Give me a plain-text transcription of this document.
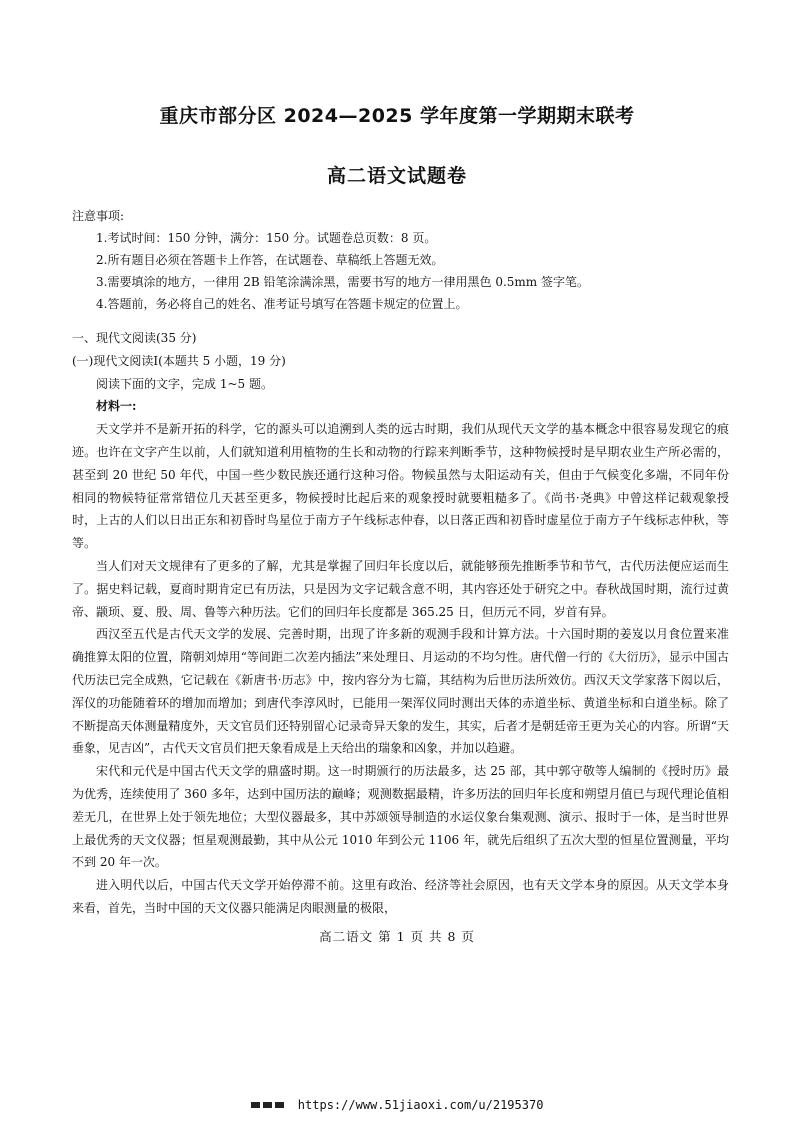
重庆市部分区 2024—2025 学年度第一学期期末联考
高二语文试题卷
注意事项:
1.考试时间：150 分钟，满分：150 分。试题卷总页数：8 页。
2.所有题目必须在答题卡上作答，在试题卷、草稿纸上答题无效。
3.需要填涂的地方，一律用 2B 铅笔涂满涂黑，需要书写的地方一律用黑色 0.5mm 签字笔。
4.答题前，务必将自己的姓名、准考证号填写在答题卡规定的位置上。
一、现代文阅读(35 分)
(一)现代文阅读Ⅰ(本题共 5 小题，19 分)
阅读下面的文字，完成 1~5 题。
材料一:

天文学并不是新开拓的科学，它的源头可以追溯到人类的远古时期，我们从现代天文学的基本概念中很容易发现它的痕迹。也许在文字产生以前，人们就知道利用植物的生长和动物的行踪来判断季节，这种物候授时是早期农业生产所必需的，甚至到 20 世纪 50 年代，中国一些少数民族还通行这种习俗。物候虽然与太阳运动有关，但由于气候变化多端，不同年份相同的物候特征常常错位几天甚至更多，物候授时比起后来的观象授时就要粗糙多了。《尚书·尧典》中曾这样记载观象授时，上古的人们以日出正东和初昏时鸟星位于南方子午线标志仲春，以日落正西和初昏时虚星位于南方子午线标志仲秋，等等。

当人们对天文规律有了更多的了解，尤其是掌握了回归年长度以后，就能够预先推断季节和节气，古代历法便应运而生了。据史料记载，夏商时期肯定已有历法，只是因为文字记载含意不明，其内容还处于研究之中。春秋战国时期，流行过黄帝、颛顼、夏、殷、周、鲁等六种历法。它们的回归年长度都是 365.25 日，但历元不同，岁首有异。

西汉至五代是古代天文学的发展、完善时期，出现了许多新的观测手段和计算方法。十六国时期的姜岌以月食位置来准确推算太阳的位置，隋朝刘焯用“等间距二次差内插法”来处理日、月运动的不均匀性。唐代僧一行的《大衍历》，显示中国古代历法已完全成熟，它记载在《新唐书·历志》中，按内容分为七篇，其结构为后世历法所效仿。西汉天文学家落下闳以后，浑仪的功能随着环的增加而增加；到唐代李淳风时，已能用一架浑仪同时测出天体的赤道坐标、黄道坐标和白道坐标。除了不断提高天体测量精度外，天文官员们还特别留心记录奇异天象的发生，其实，后者才是朝廷帝王更为关心的内容。所谓“天垂象，见吉凶”，古代天文官员们把天象看成是上天给出的瑞象和凶象，并加以趋避。

宋代和元代是中国古代天文学的鼎盛时期。这一时期颁行的历法最多，达 25 部，其中郭守敬等人编制的《授时历》最为优秀，连续使用了 360 多年，达到中国历法的巅峰；观测数据最精，许多历法的回归年长度和朔望月值已与现代理论值相差无几，在世界上处于领先地位；大型仪器最多，其中苏颂领导制造的水运仪象台集观测、演示、报时于一体，是当时世界上最优秀的天文仪器；恒星观测最勤，其中从公元 1010 年到公元 1106 年，就先后组织了五次大型的恒星位置测量，平均不到 20 年一次。

进入明代以后，中国古代天文学开始停滞不前。这里有政治、经济等社会原因，也有天文学本身的原因。从天文学本身来看，首先，当时中国的天文仪器只能满足肉眼测量的极限，

高二语文 第 1 页 共 8 页
https://www.51jiaoxi.com/u/2195370
